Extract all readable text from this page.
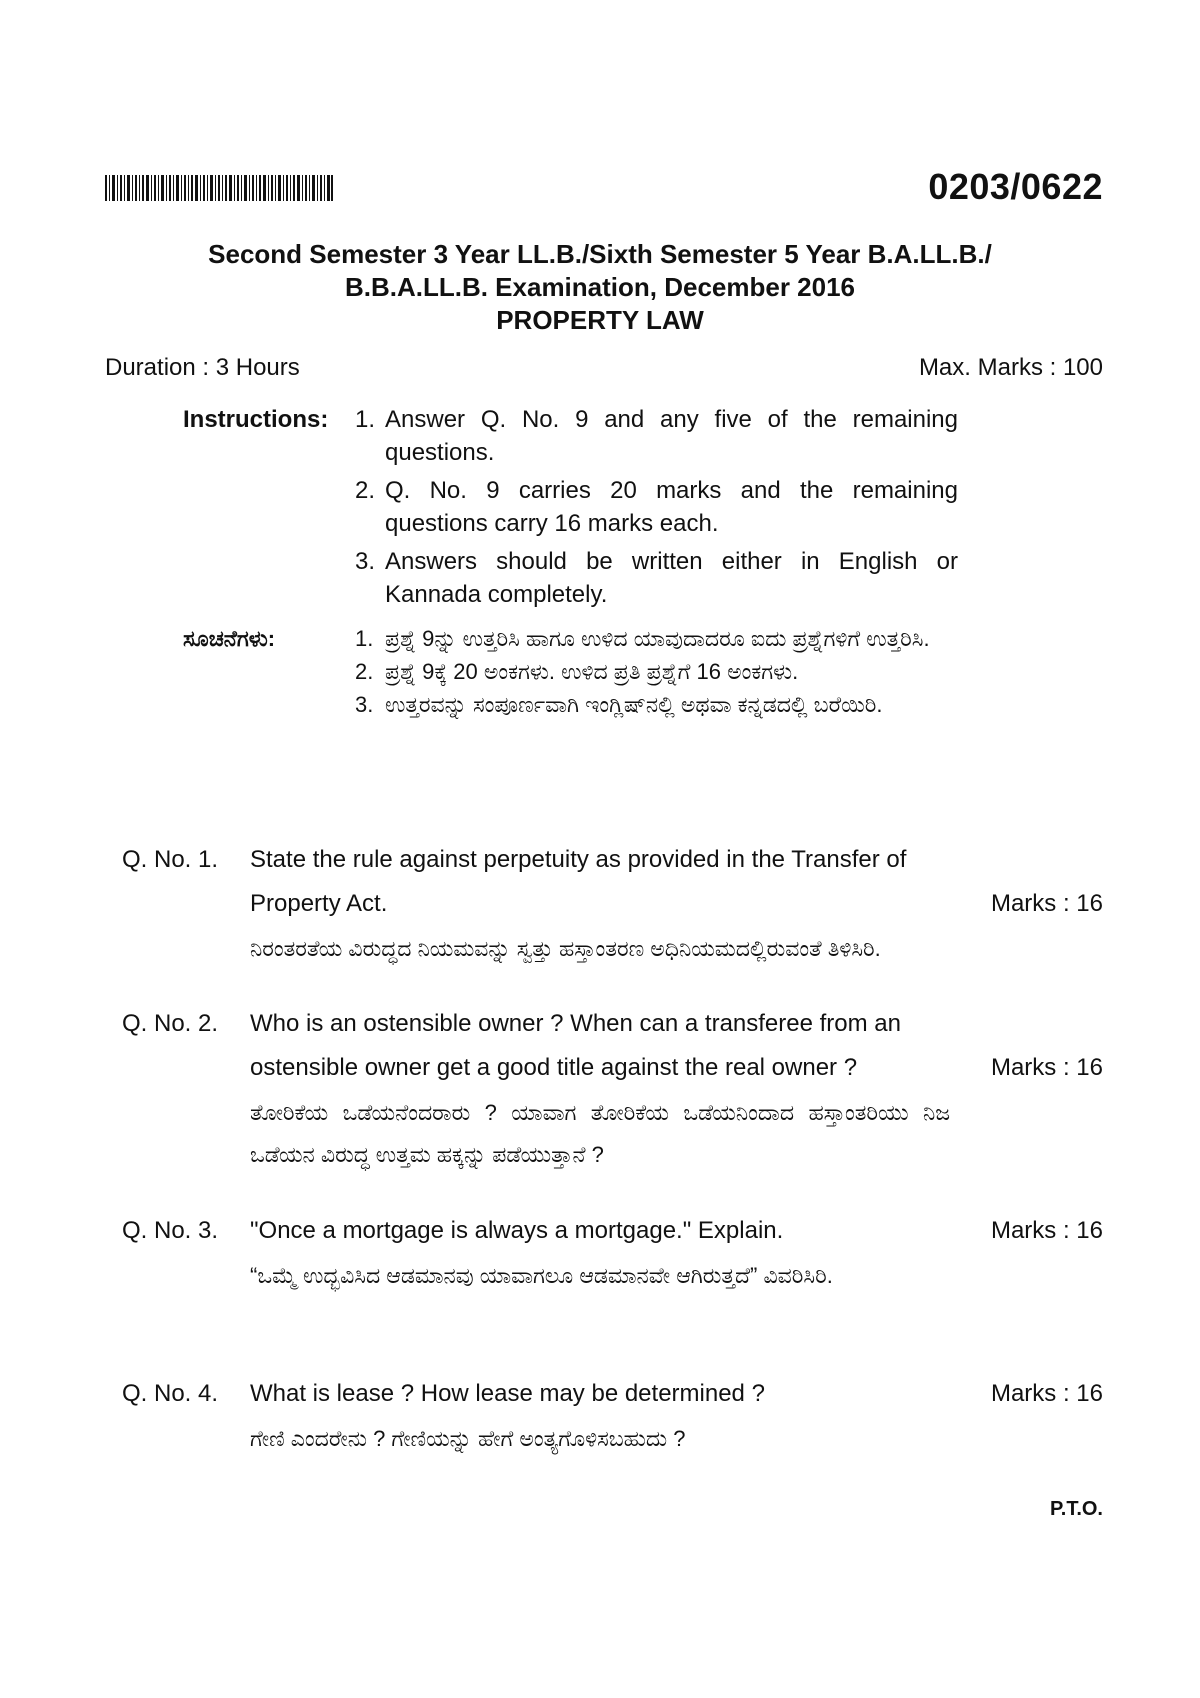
0203/0622
Second Semester 3 Year LL.B./Sixth Semester 5 Year B.A.LL.B./
B.B.A.LL.B. Examination, December 2016
PROPERTY LAW
Duration : 3 Hours	Max. Marks : 100
Instructions:	1. Answer Q. No. 9 and any five of the remaining questions.
2. Q. No. 9 carries 20 marks and the remaining questions carry 16 marks each.
3. Answers should be written either in English or Kannada completely.
ಸೂಚನೆಗಳು:	1. ಪ್ರಶ್ನೆ 9ನ್ನು ಉತ್ತರಿಸಿ ಹಾಗೂ ಉಳಿದ ಯಾವುದಾದರೂ ಐದು ಪ್ರಶ್ನೆಗಳಿಗೆ ಉತ್ತರಿಸಿ.
2. ಪ್ರಶ್ನೆ 9ಕ್ಕೆ 20 ಅಂಕಗಳು. ಉಳಿದ ಪ್ರತಿ ಪ್ರಶ್ನೆಗೆ 16 ಅಂಕಗಳು.
3. ಉತ್ತರವನ್ನು ಸಂಪೂರ್ಣವಾಗಿ ಇಂಗ್ಲಿಷ್‌ನಲ್ಲಿ ಅಥವಾ ಕನ್ನಡದಲ್ಲಿ ಬರೆಯಿರಿ.
Q. No. 1.	State the rule against perpetuity as provided in the Transfer of Property Act.	Marks : 16
ನಿರಂತರತೆಯ ವಿರುದ್ಧದ ನಿಯಮವನ್ನು ಸ್ವತ್ತು ಹಸ್ತಾಂತರಣ ಅಧಿನಿಯಮದಲ್ಲಿರುವಂತೆ ತಿಳಿಸಿರಿ.
Q. No. 2.	Who is an ostensible owner ? When can a transferee from an ostensible owner get a good title against the real owner ?	Marks : 16
ತೋರಿಕೆಯ ಒಡೆಯನೆಂದರಾರು ? ಯಾವಾಗ ತೋರಿಕೆಯ ಒಡೆಯನಿಂದಾದ ಹಸ್ತಾಂತರಿಯು ನಿಜ ಒಡೆಯನ ವಿರುದ್ಧ ಉತ್ತಮ ಹಕ್ಕನ್ನು ಪಡೆಯುತ್ತಾನೆ ?
Q. No. 3.	"Once a mortgage is always a mortgage." Explain.	Marks : 16
“ಒಮ್ಮೆ ಉದ್ಭವಿಸಿದ ಆಡಮಾನವು ಯಾವಾಗಲೂ ಆಡಮಾನವೇ ಆಗಿರುತ್ತದೆ” ವಿವರಿಸಿರಿ.
Q. No. 4.	What is lease ? How lease may be determined ?	Marks : 16
ಗೇಣಿ ಎಂದರೇನು ? ಗೇಣಿಯನ್ನು ಹೇಗೆ ಅಂತ್ಯಗೊಳಿಸಬಹುದು ?
P.T.O.
